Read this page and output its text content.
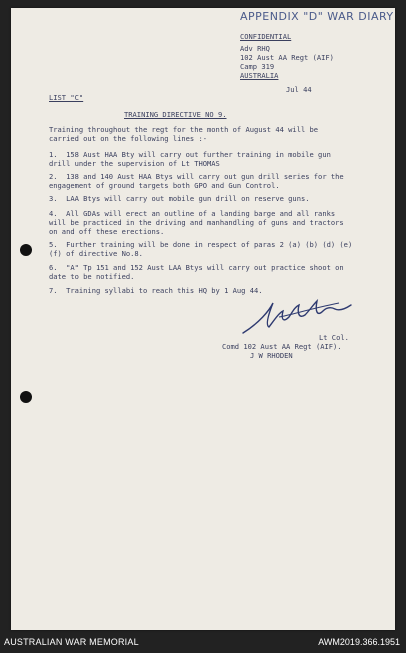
APPENDIX "D" WAR DIARY
CONFIDENTIAL
Adv RHQ
102 Aust AA Regt (AIF)
Camp 319
AUSTRALIA
Jul 44
LIST "C"
TRAINING DIRECTIVE NO 9.
Training throughout the regt for the month of August 44 will be
carried out on the following lines :-
1.  158 Aust HAA Bty will carry out further training in mobile gun
drill under the supervision of Lt THOMAS
2.  138 and 140 Aust HAA Btys will carry out gun drill series for the
engagement of ground targets both GPO and Gun Control.
3.  LAA Btys will carry out mobile gun drill on reserve guns.
4.  All GDAs will erect an outline of a landing barge and all ranks
will be practiced in the driving and manhandling of guns and tractors
on and off these erections.
5.  Further training will be done in respect of paras 2 (a) (b) (d) (e)
(f) of directive No.8.
6.  "A" Tp 151 and 152 Aust LAA Btys will carry out practice shoot on
date to be notified.
7.  Training syllabi to reach this HQ by 1 Aug 44.
Lt Col.
Comd 102 Aust AA Regt (AIF).
J W RHODEN
AUSTRALIAN WAR MEMORIAL	AWM2019.366.1951
